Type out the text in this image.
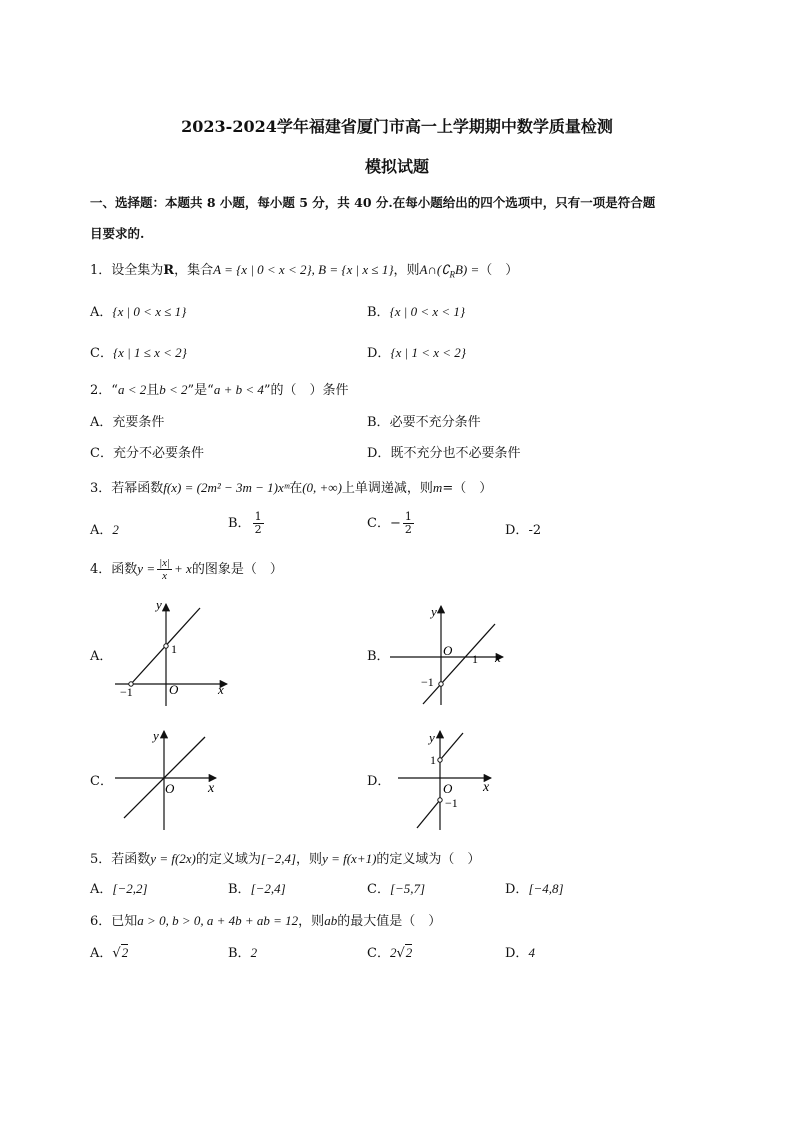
2023-2024学年福建省厦门市高一上学期期中数学质量检测
模拟试题
一、选择题：本题共 8 小题，每小题 5 分，共 40 分.在每小题给出的四个选项中，只有一项是符合题
目要求的.
1．设全集为R，集合A = {x | 0 < x < 2}, B = {x | x ≤ 1}，则$A\cap(∁_RB)$ =（　）
A．{x | 0 < x ≤ 1}	B．{x | 0 < x < 1}
C．{x | 1 ≤ x < 2}	D．{x | 1 < x < 2}
2．“a < 2且b < 2”是“a + b < 4”的（　）条件
A．充要条件	B．必要不充分条件
C．充分不必要条件	D．既不充分也不必要条件
3．若幂函数f(x) = (2m² − 3m − 1)xᵐ在(0, +∞)上单调递减，则m=（　）
A．2	B． $\frac{1}{2}$	C．− $\frac{1}{2}$	D．-2
4．函数$y = \frac{|x|}{x} + x$的图象是（　）
A．	B．
C．	D．
y
x
O
1
−1
y
x
O
1
−1
y
x
O
y
x
O
1
−1
5．若函数y = f(2x)的定义域为[−2,4]，则y = f(x+1)的定义域为（　）
A．[−2,2]	B．[−2,4]	C．[−5,7]	D．[−4,8]
6．已知a > 0, b > 0, a + 4b + ab = 12，则ab的最大值是（　）
A．√2	B．2	C．2√2	D．4
